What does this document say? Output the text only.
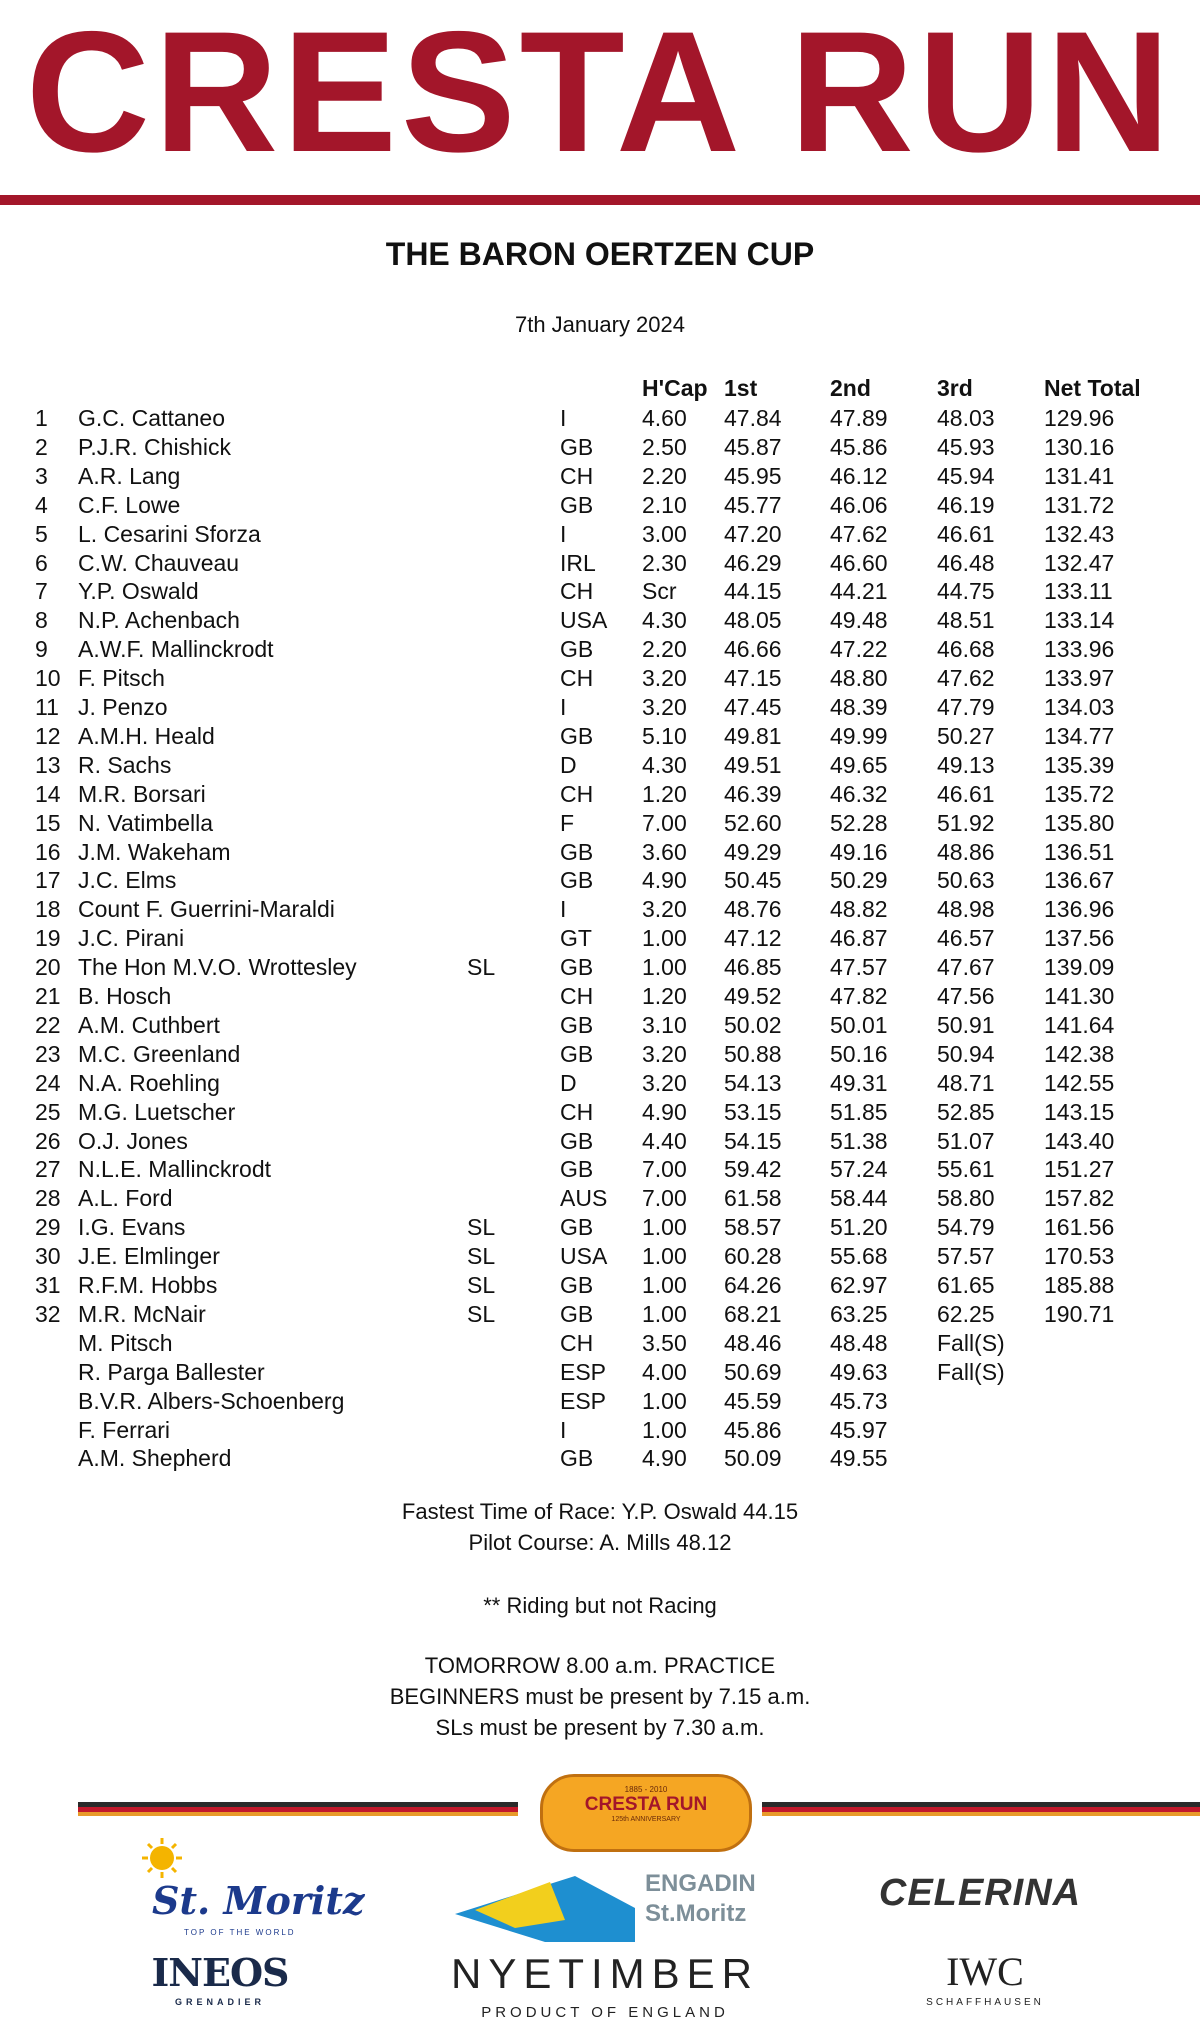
CRESTA RUN
THE BARON OERTZEN CUP
7th January 2024
H'Cap 1st	2nd	3rd	Net Total
1 G.C. Cattaneo	I	4.60 47.84 47.89 48.03 129.96
2 P.J.R. Chishick	GB 2.50 45.87 45.86 45.93 130.16
3 A.R. Lang	CH 2.20 45.95 46.12 45.94 131.41
4 C.F. Lowe	GB 2.10 45.77 46.06 46.19 131.72
5 L. Cesarini Sforza	I	3.00 47.20 47.62 46.61 132.43
6 C.W. Chauveau	IRL 2.30 46.29 46.60 46.48 132.47
7 Y.P. Oswald	CH Scr 44.15 44.21 44.75 133.11
8 N.P. Achenbach	USA 4.30 48.05 49.48 48.51 133.14
9 A.W.F. Mallinckrodt	GB 2.20 46.66 47.22 46.68 133.96
10 F. Pitsch	CH 3.20 47.15 48.80 47.62 133.97
11 J. Penzo	I	3.20 47.45 48.39 47.79 134.03
12 A.M.H. Heald	GB 5.10 49.81 49.99 50.27 134.77
13 R. Sachs	D	4.30 49.51 49.65 49.13 135.39
14 M.R. Borsari	CH 1.20 46.39 46.32 46.61 135.72
15 N. Vatimbella	F	7.00 52.60 52.28 51.92 135.80
16 J.M. Wakeham	GB 3.60 49.29 49.16 48.86 136.51
17 J.C. Elms	GB 4.90 50.45 50.29 50.63 136.67
18 Count F. Guerrini-Maraldi	I	3.20 48.76 48.82 48.98 136.96
19 J.C. Pirani	GT 1.00 47.12 46.87 46.57 137.56
20 The Hon M.V.O. Wrottesley	SL	GB 1.00 46.85 47.57 47.67 139.09
21 B. Hosch	CH 1.20 49.52 47.82 47.56 141.30
22 A.M. Cuthbert	GB 3.10 50.02 50.01 50.91 141.64
23 M.C. Greenland	GB 3.20 50.88 50.16 50.94 142.38
24 N.A. Roehling	D	3.20 54.13 49.31 48.71 142.55
25 M.G. Luetscher	CH 4.90 53.15 51.85 52.85 143.15
26 O.J. Jones	GB 4.40 54.15 51.38 51.07 143.40
27 N.L.E. Mallinckrodt	GB 7.00 59.42 57.24 55.61 151.27
28 A.L. Ford	AUS 7.00 61.58 58.44 58.80 157.82
29 I.G. Evans	SL	GB 1.00 58.57 51.20 54.79 161.56
30 J.E. Elmlinger	SL	USA 1.00 60.28 55.68 57.57 170.53
31 R.F.M. Hobbs	SL	GB 1.00 64.26 62.97 61.65 185.88
32 M.R. McNair	SL	GB 1.00 68.21 63.25 62.25 190.71
M. Pitsch	CH 3.50 48.46 48.48 Fall(S)
R. Parga Ballester	ESP 4.00 50.69 49.63 Fall(S)
B.V.R. Albers-Schoenberg	ESP 1.00 45.59 45.73
F. Ferrari	I	1.00 45.86 45.97
A.M. Shepherd	GB 4.90 50.09 49.55
Fastest Time of Race: Y.P. Oswald 44.15
Pilot Course: A. Mills 48.12
** Riding but not Racing
TOMORROW 8.00 a.m. PRACTICE
BEGINNERS must be present by 7.15 a.m.
SLs must be present by 7.30 a.m.
1885 - 2010
CRESTA RUN
125th ANNIVERSARY
St. Moritz
TOP OF THE WORLD
ENGADIN
St.Moritz	CELERINA
INEOS
GRENADIER
NYETIMBER
PRODUCT OF ENGLAND
IWC
SCHAFFHAUSEN
